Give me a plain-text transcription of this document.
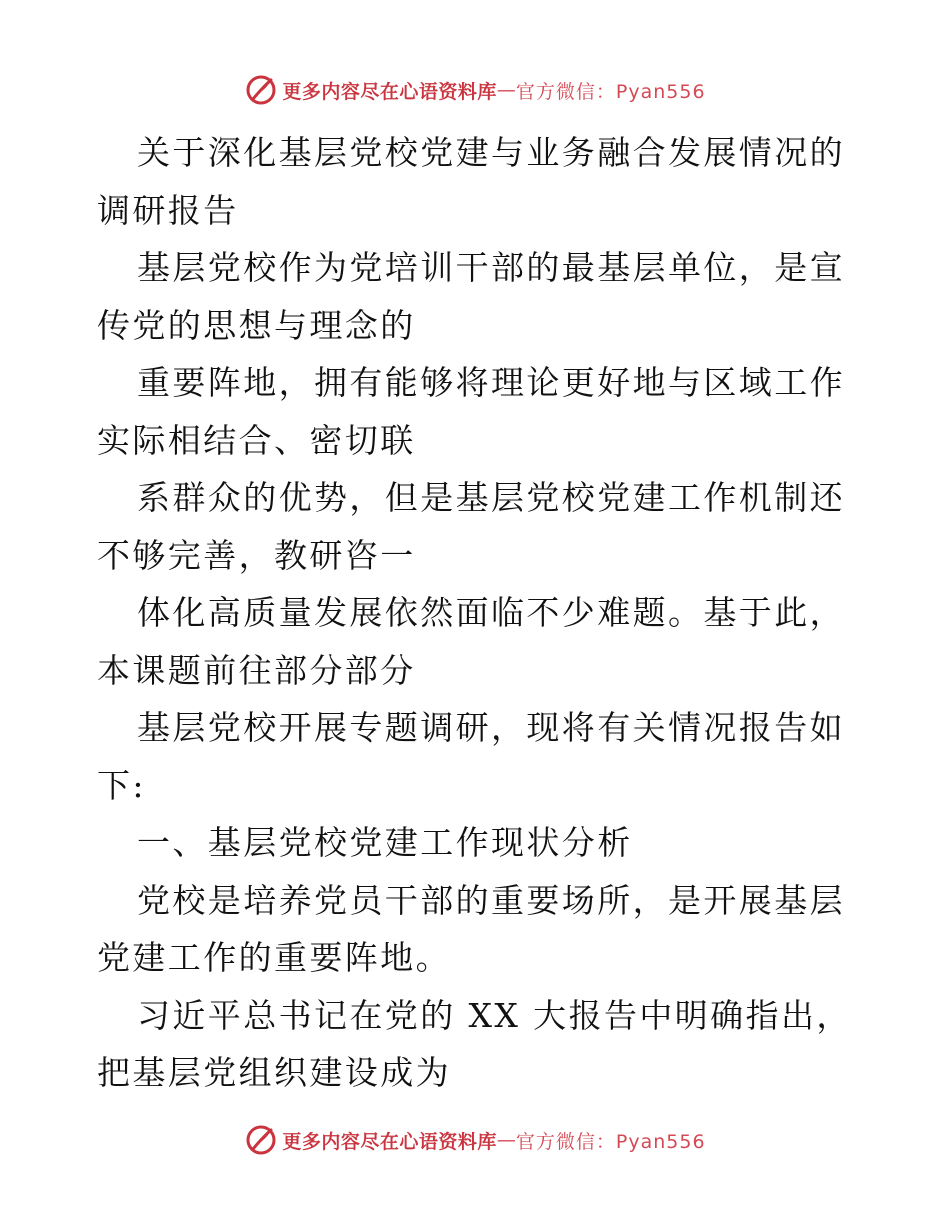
更多内容尽在心语资料库 — 官方微信：Pyan556

关于深化基层党校党建与业务融合发展情况的调研报告

基层党校作为党培训干部的最基层单位，是宣传党的思想与理念的

重要阵地，拥有能够将理论更好地与区域工作实际相结合、密切联

系群众的优势，但是基层党校党建工作机制还不够完善，教研咨一

体化高质量发展依然面临不少难题。基于此，本课题前往部分部分

基层党校开展专题调研，现将有关情况报告如下:

一、基层党校党建工作现状分析

党校是培养党员干部的重要场所，是开展基层党建工作的重要阵地。

习近平总书记在党的 XX 大报告中明确指出，把基层党组织建设成为

更多内容尽在心语资料库 — 官方微信：Pyan556
